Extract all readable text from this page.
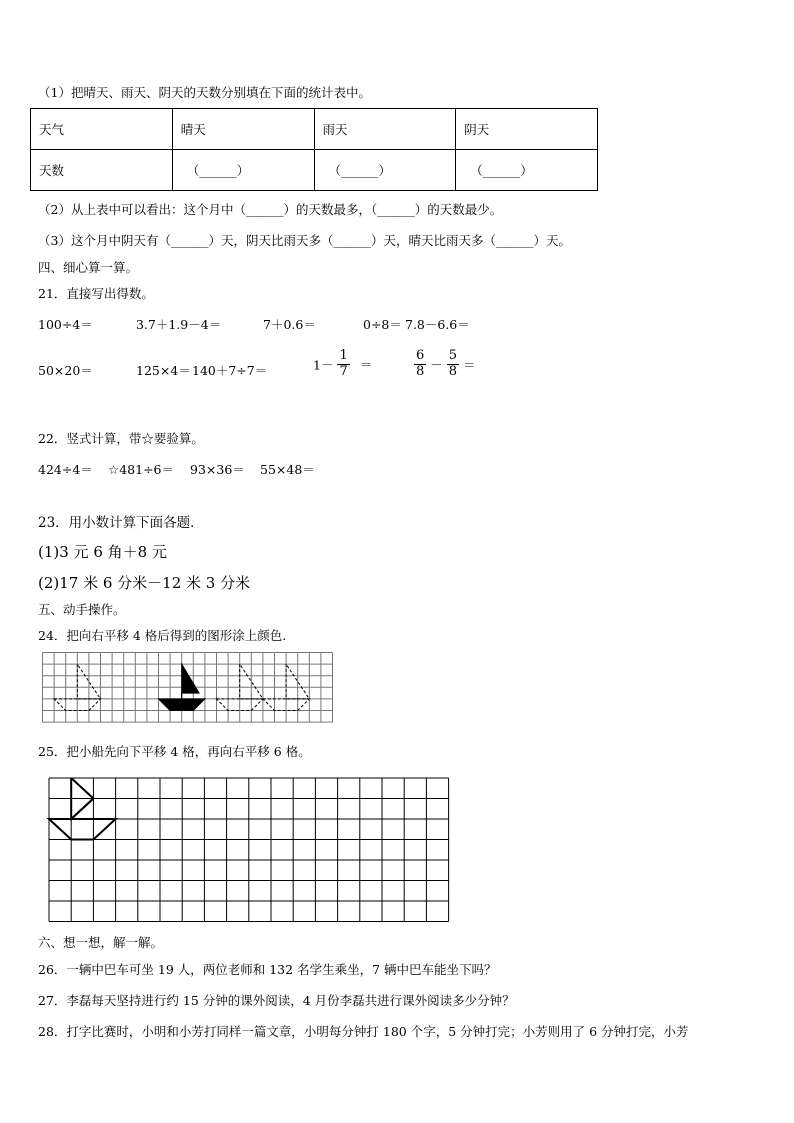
（1）把晴天、雨天、阴天的天数分别填在下面的统计表中。
天气	晴天	雨天	阴天
天数	（______）	（______）	（______）
（2）从上表中可以看出：这个月中（______）的天数最多，（______）的天数最少。
（3）这个月中阴天有（______）天，阴天比雨天多（______）天，晴天比雨天多（______）天。
四、细心算一算。
21．直接写出得数。
100÷4＝	3.7＋1.9－4＝	7＋0.6＝	0÷8＝ 7.8－6.6＝
50×20＝	125×4＝ 140＋7÷7＝	$1- \frac{1}{7}$ ＝	$\frac{6}{8} - \frac{5}{8}$ ＝
22．竖式计算，带☆要验算。
424÷4＝ ☆481÷6＝ 93×36＝ 55×48＝
23．用小数计算下面各题．
(1)3 元 6 角＋8 元
(2)17 米 6 分米－12 米 3 分米
五、动手操作。
24．把向右平移 4 格后得到的图形涂上颜色.
25．把小船先向下平移 4 格，再向右平移 6 格。
六、想一想，解一解。
26．一辆中巴车可坐 19 人，两位老师和 132 名学生乘坐，7 辆中巴车能坐下吗？
27．李磊每天坚持进行约 15 分钟的课外阅读，4 月份李磊共进行课外阅读多少分钟？
28．打字比赛时，小明和小芳打同样一篇文章，小明每分钟打 180 个字，5 分钟打完；小芳则用了 6 分钟打完，小芳
